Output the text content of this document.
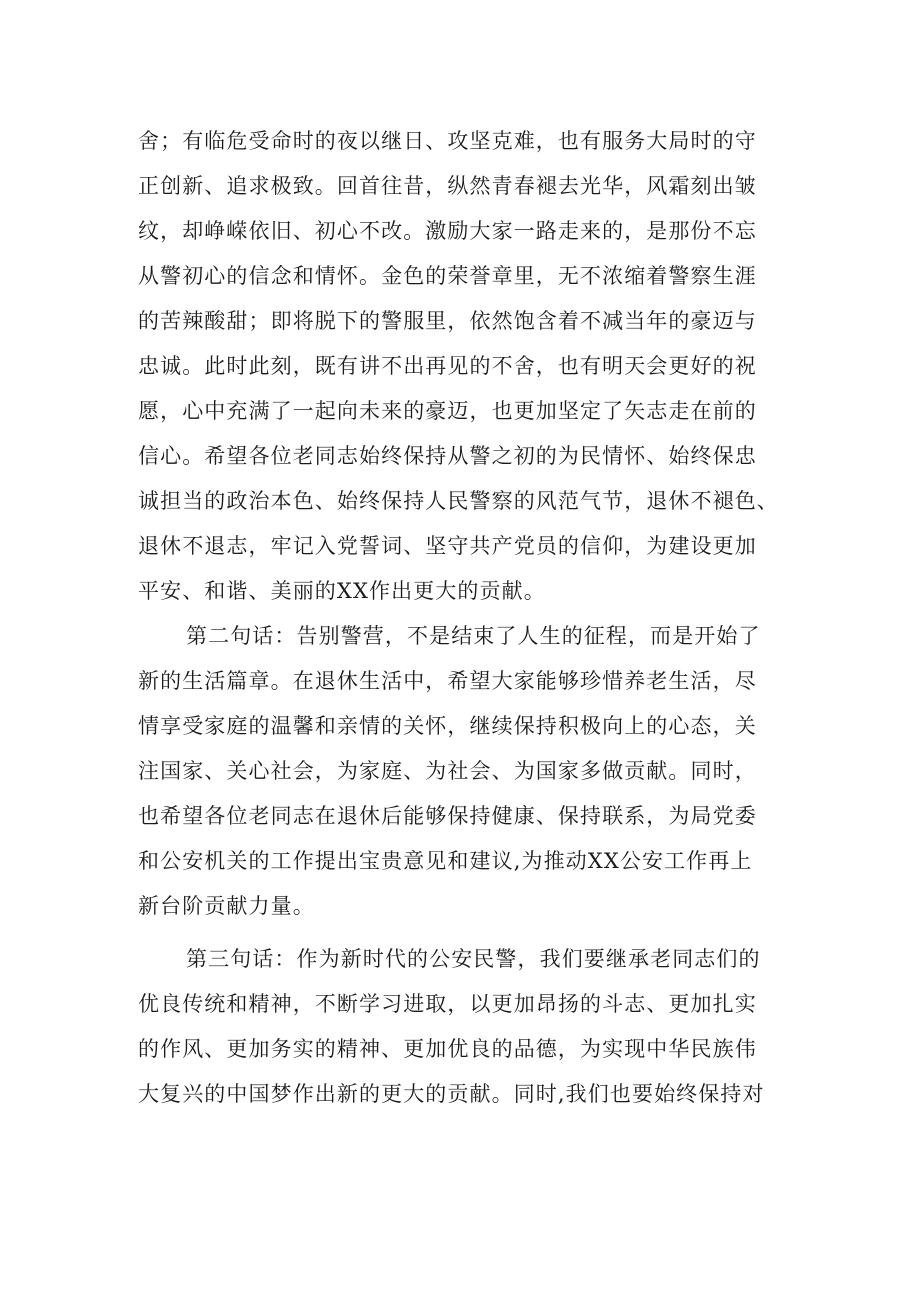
舍；有临危受命时的夜以继日、攻坚克难，也有服务大局时的守
正创新、追求极致。回首往昔，纵然青春褪去光华，风霜刻出皱
纹，却峥嵘依旧、初心不改。激励大家一路走来的，是那份不忘
从警初心的信念和情怀。金色的荣誉章里，无不浓缩着警察生涯
的苦辣酸甜；即将脱下的警服里，依然饱含着不减当年的豪迈与
忠诚。此时此刻，既有讲不出再见的不舍，也有明天会更好的祝
愿，心中充满了一起向未来的豪迈，也更加坚定了矢志走在前的
信心。希望各位老同志始终保持从警之初的为民情怀、始终保忠
诚担当的政治本色、始终保持人民警察的风范气节，退休不褪色、
退休不退志，牢记入党誓词、坚守共产党员的信仰，为建设更加
平安、和谐、美丽的XX作出更大的贡献。
第二句话：告别警营，不是结束了人生的征程，而是开始了
新的生活篇章。在退休生活中，希望大家能够珍惜养老生活，尽
情享受家庭的温馨和亲情的关怀，继续保持积极向上的心态，关
注国家、关心社会，为家庭、为社会、为国家多做贡献。同时，
也希望各位老同志在退休后能够保持健康、保持联系，为局党委
和公安机关的工作提出宝贵意见和建议,为推动XX公安工作再上
新台阶贡献力量。
第三句话：作为新时代的公安民警，我们要继承老同志们的
优良传统和精神，不断学习进取，以更加昂扬的斗志、更加扎实
的作风、更加务实的精神、更加优良的品德，为实现中华民族伟
大复兴的中国梦作出新的更大的贡献。同时,我们也要始终保持对
